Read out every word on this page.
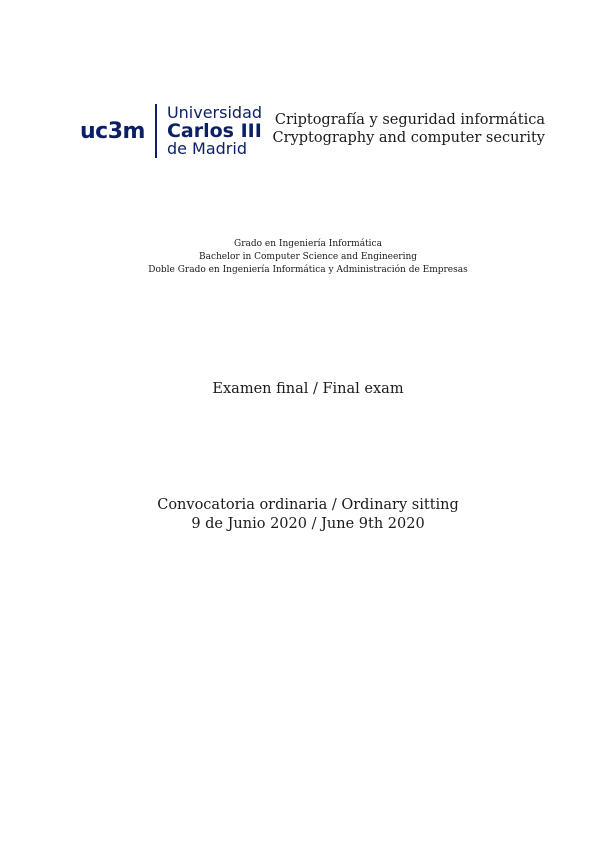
uc3m
Universidad
Carlos III
de Madrid
Criptografía y seguridad informática
Cryptography and computer security
Grado en Ingeniería Informática
Bachelor in Computer Science and Engineering
Doble Grado en Ingeniería Informática y Administración de Empresas
Examen final / Final exam
Convocatoria ordinaria / Ordinary sitting
9 de Junio 2020 / June 9th 2020
